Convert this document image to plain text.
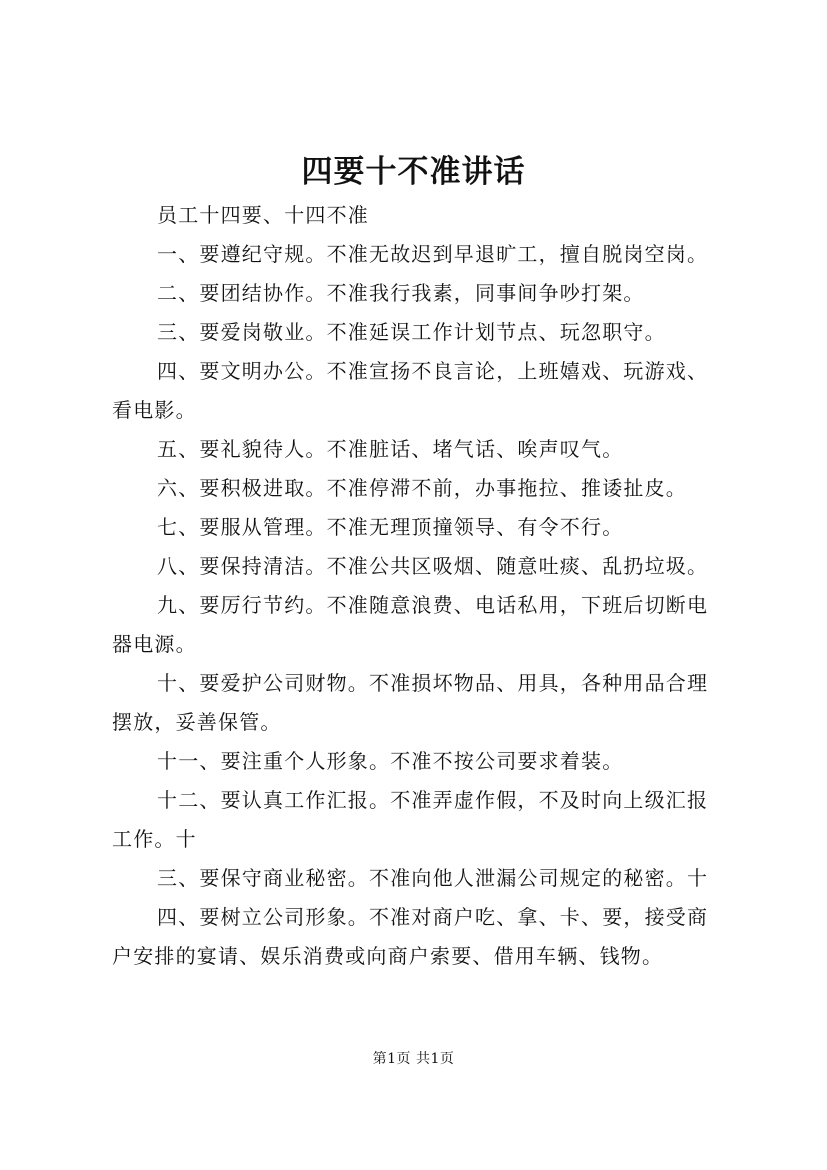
四要十不准讲话
员工十四要、十四不准
一、要遵纪守规。不准无故迟到早退旷工，擅自脱岗空岗。
二、要团结协作。不准我行我素，同事间争吵打架。
三、要爱岗敬业。不准延误工作计划节点、玩忽职守。
四、要文明办公。不准宣扬不良言论，上班嬉戏、玩游戏、
看电影。
五、要礼貌待人。不准脏话、堵气话、唉声叹气。
六、要积极进取。不准停滞不前，办事拖拉、推诿扯皮。
七、要服从管理。不准无理顶撞领导、有令不行。
八、要保持清洁。不准公共区吸烟、随意吐痰、乱扔垃圾。
九、要厉行节约。不准随意浪费、电话私用，下班后切断电
器电源。
十、要爱护公司财物。不准损坏物品、用具，各种用品合理
摆放，妥善保管。
十一、要注重个人形象。不准不按公司要求着装。
十二、要认真工作汇报。不准弄虚作假，不及时向上级汇报
工作。十
三、要保守商业秘密。不准向他人泄漏公司规定的秘密。十
四、要树立公司形象。不准对商户吃、拿、卡、要，接受商
户安排的宴请、娱乐消费或向商户索要、借用车辆、钱物。
第1页 共1页
